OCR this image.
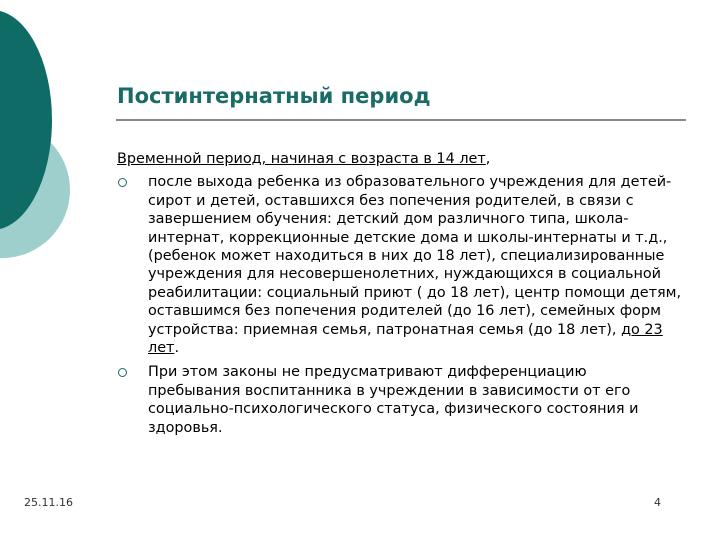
Постинтернатный период

Временной период, начиная с возраста в 14 лет,

после выхода ребенка из образовательного учреждения для детей-сирот и детей, оставшихся без попечения родителей, в связи с завершением обучения: детский дом различного типа, школа-интернат, коррекционные детские дома и школы-интернаты и т.д., (ребенок может находиться в них до 18 лет), специализированные учреждения для несовершенолетних, нуждающихся в социальной реабилитации: социальный приют ( до 18 лет), центр помощи детям, оставшимся без попечения родителей (до 16 лет), семейных форм устройства: приемная семья, патронатная семья (до 18 лет), до 23 лет.
При этом законы не предусматривают дифференциацию пребывания воспитанника в учреждении в зависимости от его социально-психологического статуса, физического состояния и здоровья.
25.11.16	4
